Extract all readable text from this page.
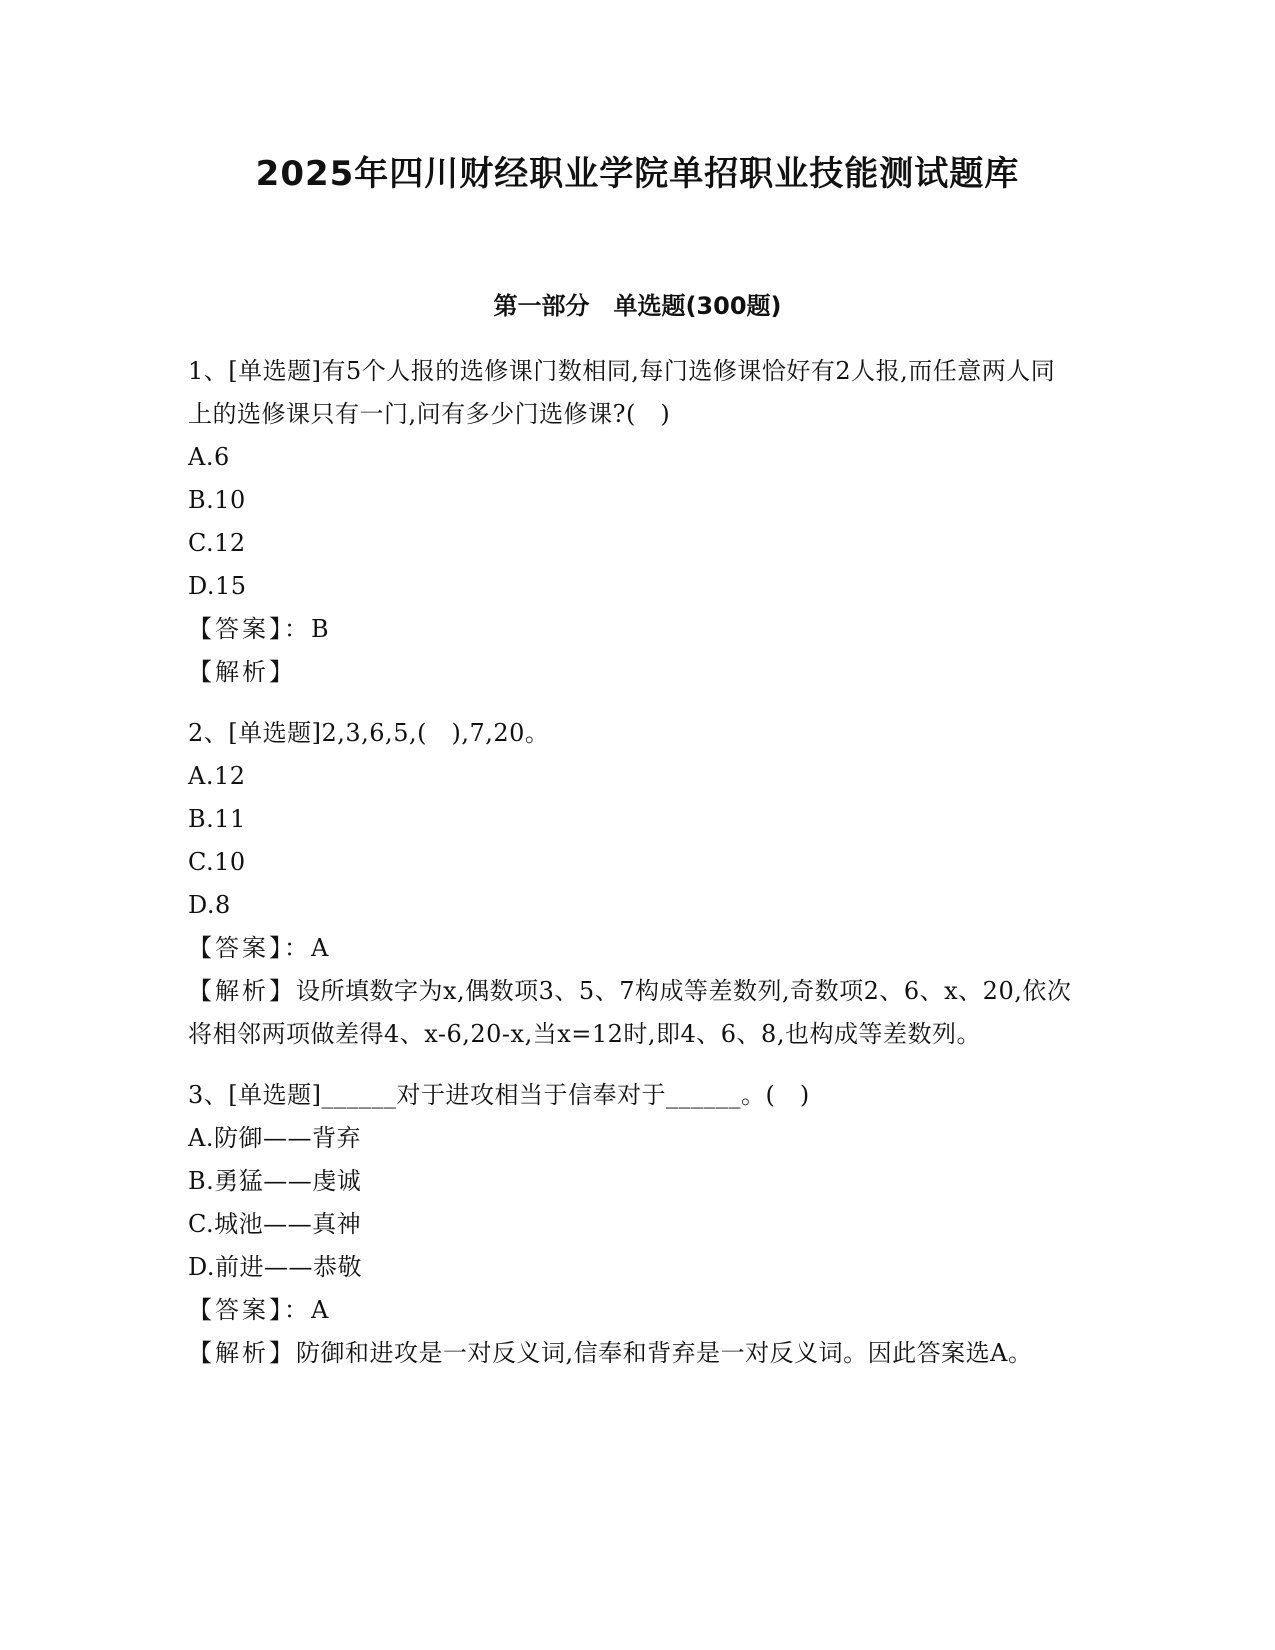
2025年四川财经职业学院单招职业技能测试题库
第一部分　单选题(300题)

1、[单选题]有5个人报的选修课门数相同,每门选修课恰好有2人报,而任意两人同上的选修课只有一门,问有多少门选修课?(　)

A.6
B.10
C.12
D.15

【答案】：B

【解析】

2、[单选题]2,3,6,5,(　),7,20。

A.12
B.11
C.10
D.8

【答案】：A

【解析】设所填数字为x,偶数项3、5、7构成等差数列,奇数项2、6、x、20,依次将相邻两项做差得4、x-6,20-x,当x=12时,即4、6、8,也构成等差数列。

3、[单选题]______对于进攻相当于信奉对于______。(　)

A.防御——背弃
B.勇猛——虔诚
C.城池——真神
D.前进——恭敬

【答案】：A

【解析】防御和进攻是一对反义词,信奉和背弃是一对反义词。因此答案选A。
